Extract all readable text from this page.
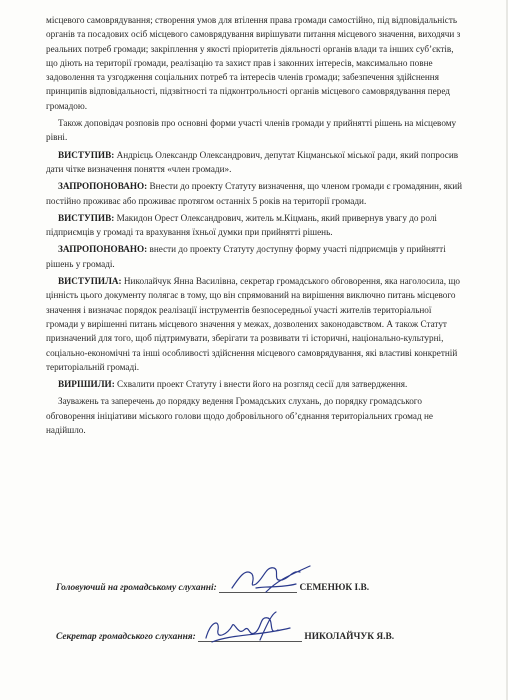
місцевого самоврядування; створення умов для втілення права громади самостійно, під відповідальність органів та посадових осіб місцевого самоврядування вирішувати питання місцевого значення, виходячи з реальних потреб громади; закріплення у якості пріоритетів діяльності органів влади та інших суб’єктів, що діють на території громади, реалізацію та захист прав і законних інтересів, максимально повне задоволення та узгодження соціальних потреб та інтересів членів громади; забезпечення здійснення принципів відповідальності, підзвітності та підконтрольності органів місцевого самоврядування перед громадою.

Також доповідач розповів про основні форми участі членів громади у прийнятті рішень на місцевому рівні.

ВИСТУПИВ: Андрієць Олександр Олександрович, депутат Кіцманської міської ради, який попросив дати чітке визначення поняття «член громади».

ЗАПРОПОНОВАНО: Внести до проекту Статуту визначення, що членом громади є громадянин, який постійно проживає або проживає протягом останніх 5 років на території громади.

ВИСТУПИВ: Макидон Орест Олександрович, житель м.Кіцмань, який привернув увагу до ролі підприємців у громаді та врахування їхньої думки при прийнятті рішень.

ЗАПРОПОНОВАНО: внести до проекту Статуту доступну форму участі підприємців у прийнятті рішень у громаді.

ВИСТУПИЛА: Николайчук Янна Василівна, секретар громадського обговорення, яка наголосила, що цінність цього документу полягає в тому, що він спрямований на вирішення виключно питань місцевого значення і визначає порядок реалізації інструментів безпосередньої участі жителів територіальної громади у вирішенні питань місцевого значення у межах, дозволених законодавством. А також Статут призначений для того, щоб підтримувати, зберігати та розвивати ті історичні, національно-культурні, соціально-економічні та інші особливості здійснення місцевого самоврядування, які властиві конкретній територіальній громаді.

ВИРІШИЛИ: Схвалити проект Статуту і внести його на розгляд сесії для затвердження.

Зауважень та заперечень до порядку ведення Громадських слухань, до порядку громадського обговорення ініціативи міського голови щодо добровільного об’єднання територіальних громад не надійшло.

Головуючий на громадському слуханні:	СЕМЕНЮК І.В.
Секретар громадського слухання:	НИКОЛАЙЧУК Я.В.
